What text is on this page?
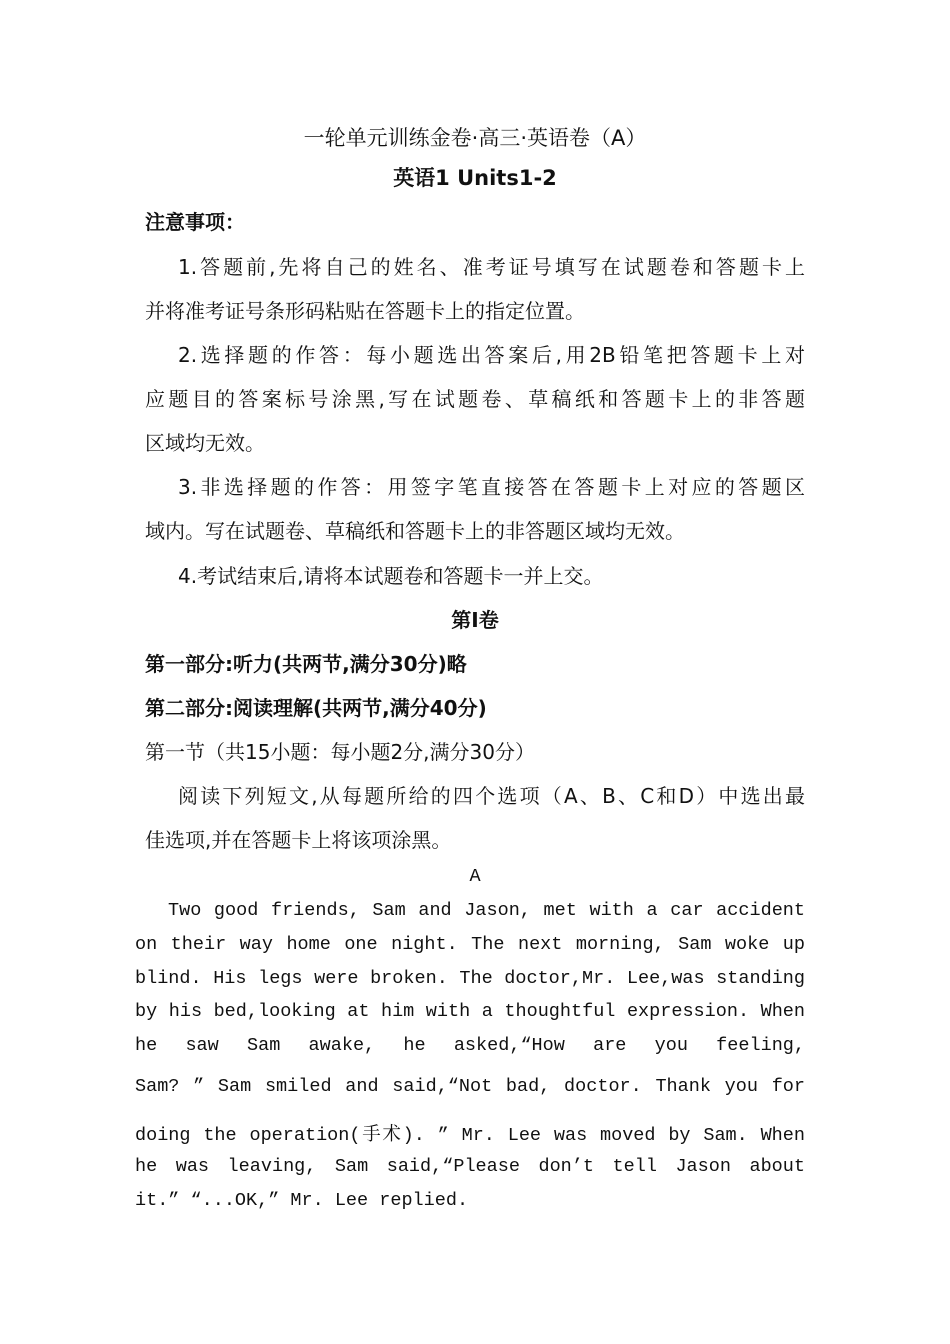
一轮单元训练金卷·高三·英语卷（A）
英语1 Units1-2
注意事项：
1.答题前,先将自己的姓名、准考证号填写在试题卷和答题卡上
并将准考证号条形码粘贴在答题卡上的指定位置。
2.选择题的作答：每小题选出答案后,用2B铅笔把答题卡上对
应题目的答案标号涂黑,写在试题卷、草稿纸和答题卡上的非答题
区域均无效。
3.非选择题的作答：用签字笔直接答在答题卡上对应的答题区
域内。写在试题卷、草稿纸和答题卡上的非答题区域均无效。
4.考试结束后,请将本试题卷和答题卡一并上交。
第Ⅰ卷
第一部分:听力(共两节,满分30分)略
第二部分:阅读理解(共两节,满分40分)
第一节（共15小题：每小题2分,满分30分）
阅读下列短文,从每题所给的四个选项（A、B、C和D）中选出最
佳选项,并在答题卡上将该项涂黑。
A
Two good friends, Sam and Jason, met with a car accident
on their way home one night. The next morning, Sam woke up
blind. His legs were broken. The doctor,Mr. Lee,was standing
by his bed,looking at him with a thoughtful expression. When
he saw Sam awake, he asked,“How are you feeling,
Sam? ” Sam smiled and said,“Not bad, doctor. Thank you for
doing the operation(手术). ” Mr. Lee was moved by Sam. When
he was leaving, Sam said,“Please don’t tell Jason about
it.” “...OK,” Mr. Lee replied.
